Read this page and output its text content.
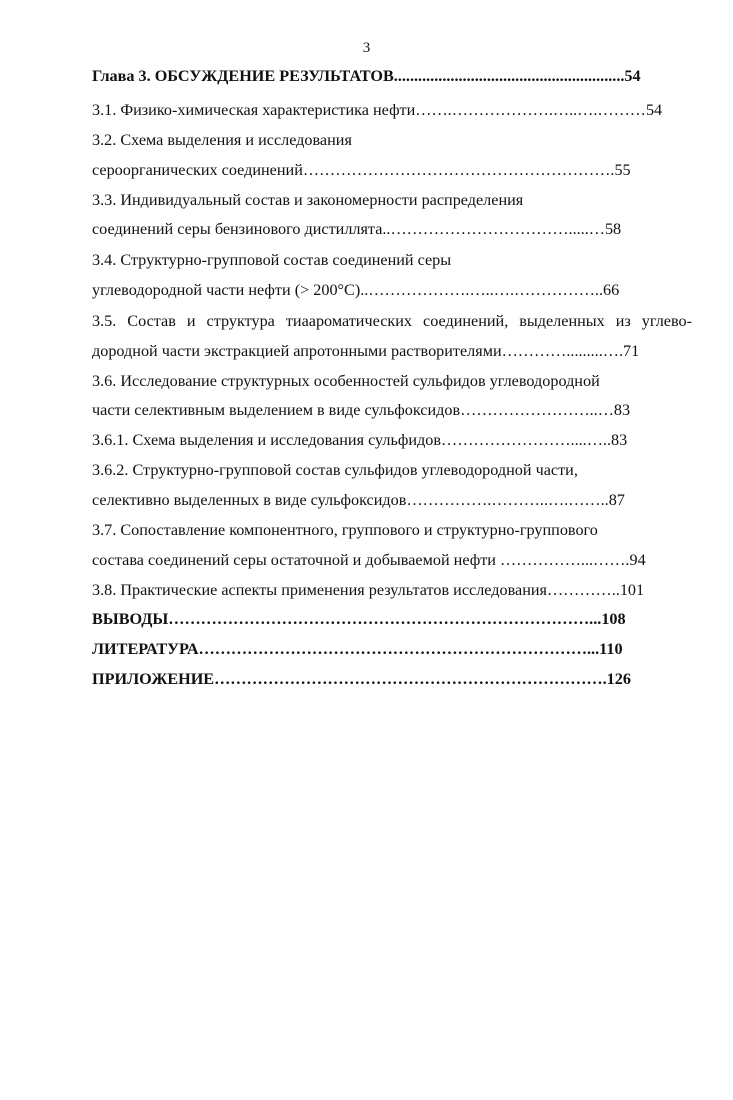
3
Глава 3. ОБСУЖДЕНИЕ РЕЗУЛЬТАТОВ.........................................................54
3.1. Физико-химическая характеристика нефти…….……………….…..….………54
3.2. Схема выделения и исследования
сероорганических соединений………………………………………………….55
3.3. Индивидуальный состав и закономерности распределения
соединений серы бензинового дистиллята..…………………………….....…58
3.4. Структурно-групповой состав соединений серы
углеводородной части нефти (> 200°C)..……………….…..….……………..66
3.5. Состав и структура тиаароматических соединений, выделенных из углево-
дородной части экстракцией апротонными растворителями………….........….71
3.6. Исследование структурных особенностей сульфидов углеводородной
части селективным выделением в виде сульфоксидов……………………..…83
3.6.1. Схема выделения и исследования сульфидов……………………....…..83
3.6.2. Структурно-групповой состав сульфидов углеводородной части,
селективно выделенных в виде сульфоксидов…………….………..….……..87
3.7. Сопоставление компонентного, группового и структурно-группового
состава соединений серы остаточной и добываемой нефти ……………...…….94
3.8. Практические аспекты применения результатов исследования…………..101
ВЫВОДЫ……………………………………………………………………...108
ЛИТЕРАТУРА………………………………………………………………...110
ПРИЛОЖЕНИЕ……………………………………………………………….126
